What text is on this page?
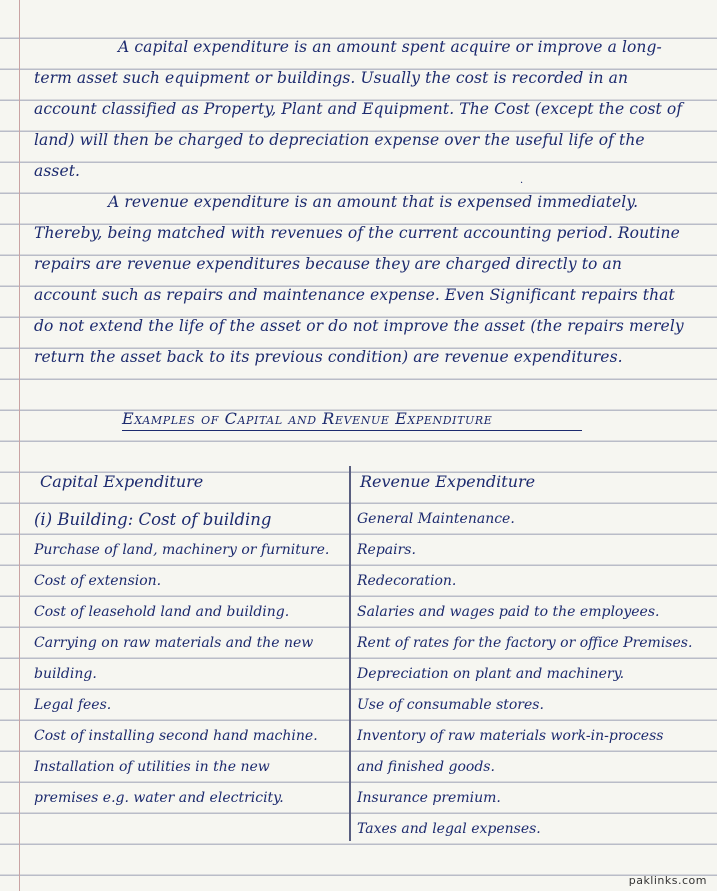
A capital expenditure is an amount spent acquire or improve a long-term asset such equipment or buildings. Usually the cost is recorded in an account classified as Property, Plant and Equipment. The Cost (except the cost of land) will then be charged to depreciation expense over the useful life of the asset.
·
A revenue expenditure is an amount that is expensed immediately. Thereby, being matched with revenues of the current accounting period. Routine repairs are revenue expenditures because they are charged directly to an account such as repairs and maintenance expense. Even Significant repairs that do not extend the life of the asset or do not improve the asset (the repairs merely return the asset back to its previous condition) are revenue expenditures.
Examples of Capital and Revenue Expenditure
Capital Expenditure	Revenue Expenditure
(i) Building: Cost of building
Purchase of land, machinery or furniture.
Cost of extension.
Cost of leasehold land and building.
Carrying on raw materials and the new
building.
Legal fees.
Cost of installing second hand machine.
Installation of utilities in the new
premises e.g. water and electricity.
General Maintenance.
Repairs.
Redecoration.
Salaries and wages paid to the employees.
Rent of rates for the factory or office Premises.
Depreciation on plant and machinery.
Use of consumable stores.
Inventory of raw materials work-in-process
and finished goods.
Insurance premium.
Taxes and legal expenses.
paklinks.com
